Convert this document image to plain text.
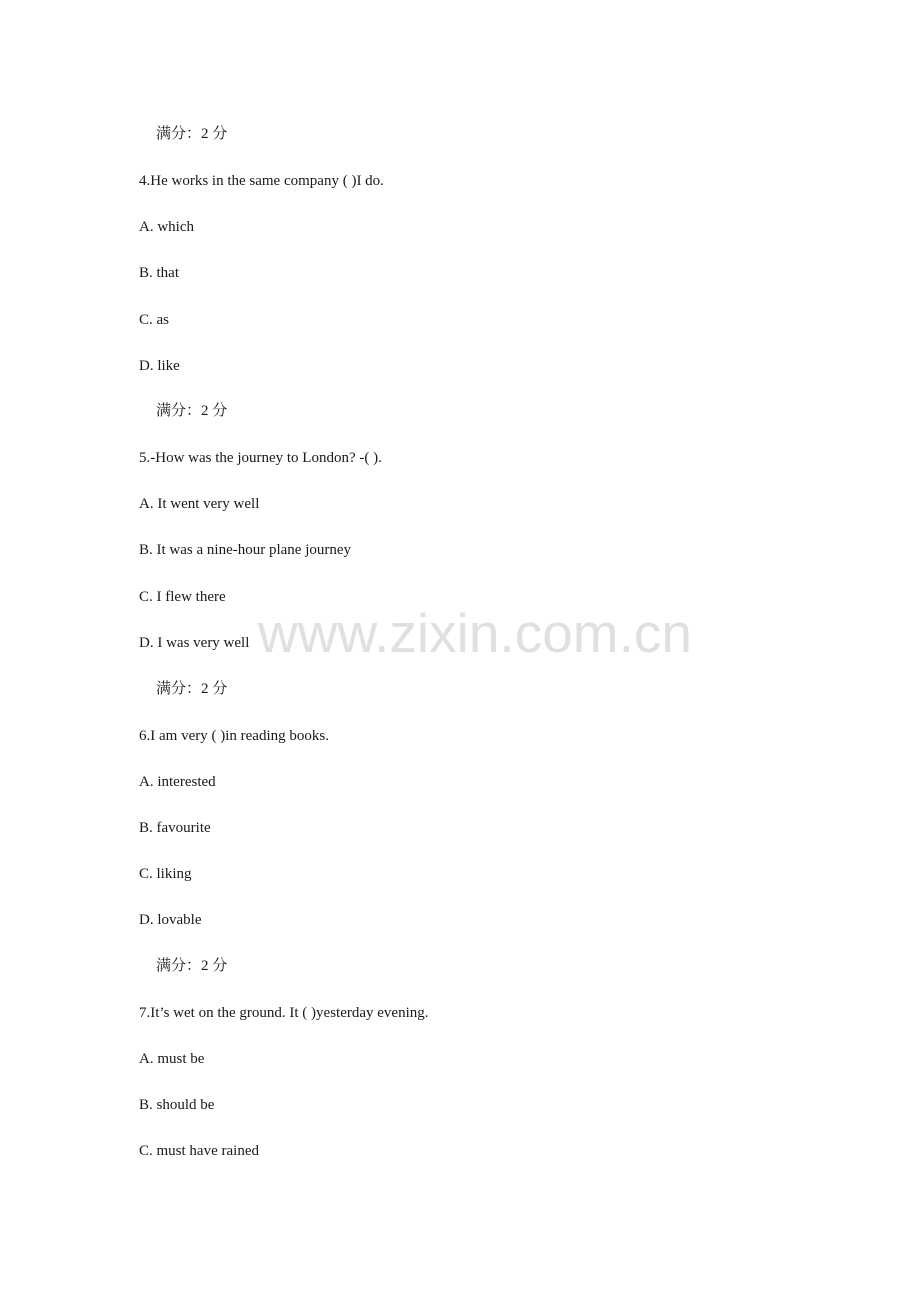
满分：2 分
4.He works in the same company ( )I do.
A. which
B. that
C. as
D. like
满分：2 分
5.-How was the journey to London? -( ).
A. It went very well
B. It was a nine-hour plane journey
C. I flew there
D. I was very well
满分：2 分
6.I am very ( )in reading books.
A. interested
B. favourite
C. liking
D. lovable
满分：2 分
7.It’s wet on the ground. It ( )yesterday evening.
A. must be
B. should be
C. must have rained
www.zixin.com.cn
